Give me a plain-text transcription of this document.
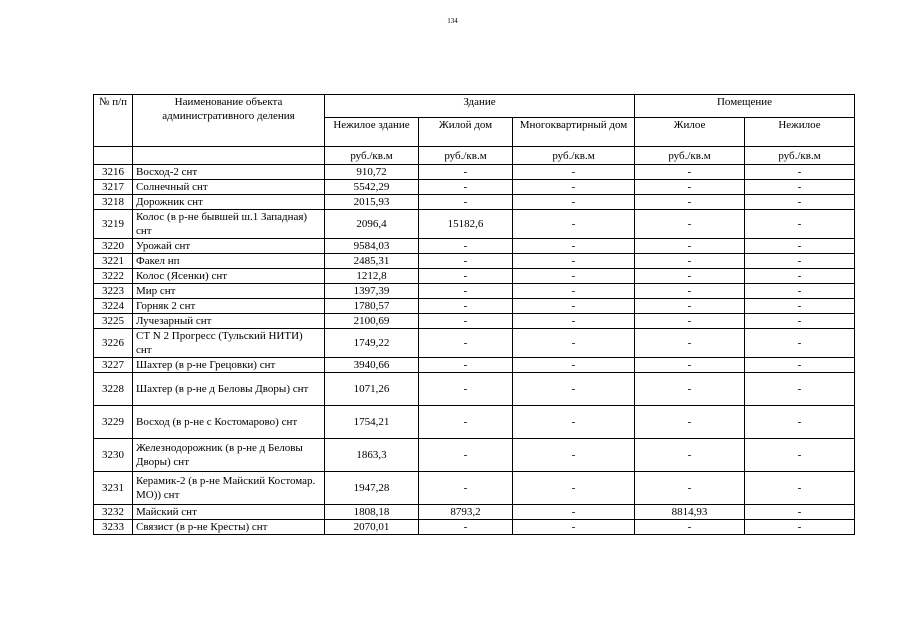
134
№ п/п	Наименование объекта административного деления	Здание			Помещение	
		Нежилое здание	Жилой дом	Многоквартирный дом	Жилое	Нежилое
		руб./кв.м	руб./кв.м	руб./кв.м	руб./кв.м	руб./кв.м
3216	Восход-2 снт	910,72	-	-	-	-
3217	Солнечный снт	5542,29	-	-	-	-
3218	Дорожник снт	2015,93	-	-	-	-
3219	Колос (в р-не бывшей ш.1 Западная) снт	2096,4	15182,6	-	-	-
3220	Урожай снт	9584,03	-	-	-	-
3221	Факел нп	2485,31	-	-	-	-
3222	Колос (Ясенки) снт	1212,8	-	-	-	-
3223	Мир снт	1397,39	-	-	-	-
3224	Горняк 2 снт	1780,57	-	-	-	-
3225	Лучезарный снт	2100,69	-	-	-	-
3226	СТ N 2 Прогресс (Тульский НИТИ) снт	1749,22	-	-	-	-
3227	Шахтер (в р-не Грецовки) снт	3940,66	-	-	-	-
3228	Шахтер (в р-не д Беловы Дворы) снт	1071,26	-	-	-	-
3229	Восход (в р-не с Костомарово) снт	1754,21	-	-	-	-
3230	Железнодорожник (в р-не д Беловы Дворы) снт	1863,3	-	-	-	-
3231	Керамик-2 (в р-не Майский Костомар. МО)) снт	1947,28	-	-	-	-
3232	Майский снт	1808,18	8793,2	-	8814,93	-
3233	Связист (в р-не Кресты) снт	2070,01	-	-	-	-
